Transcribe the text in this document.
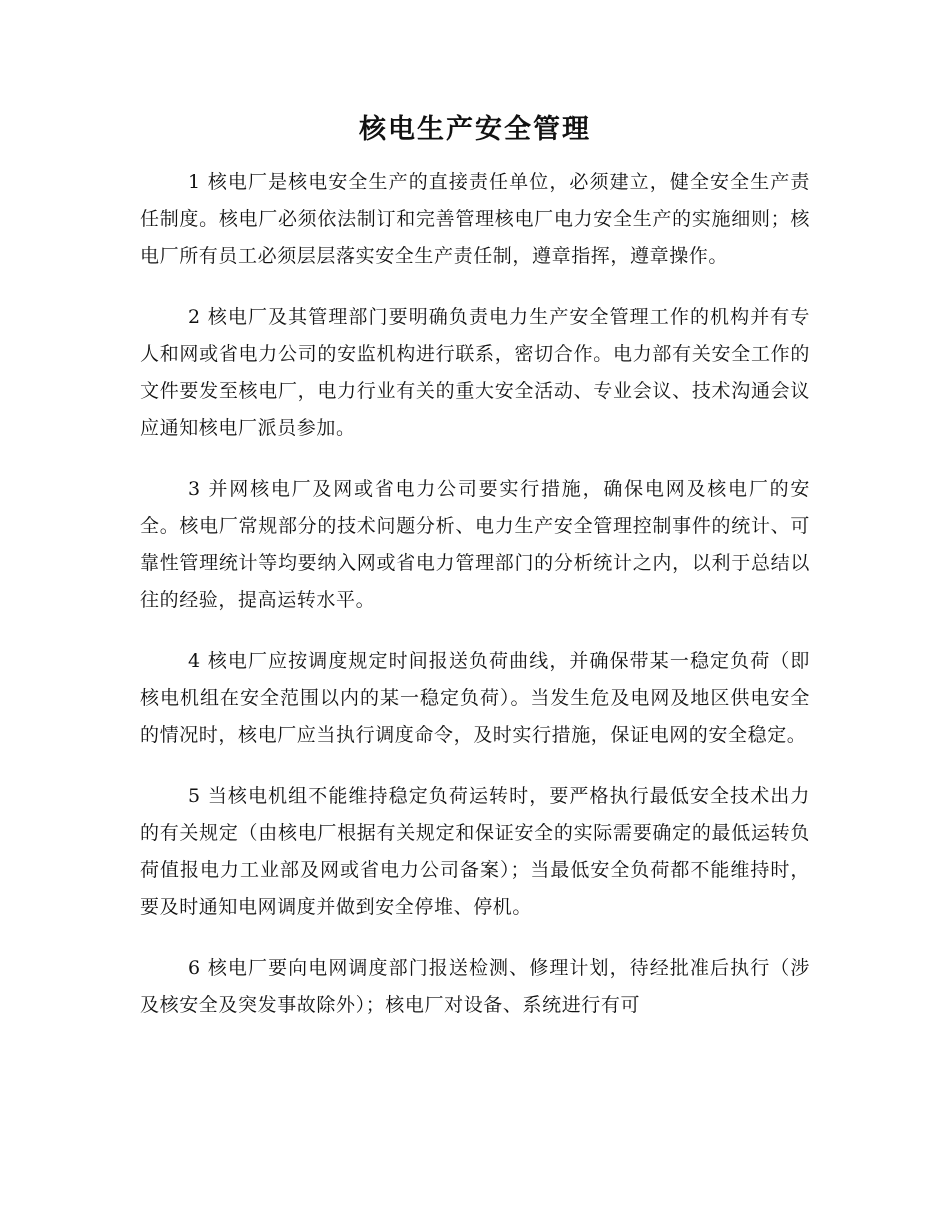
核电生产安全管理

1 核电厂是核电安全生产的直接责任单位，必须建立，健全安全生产责任制度。核电厂必须依法制订和完善管理核电厂电力安全生产的实施细则；核电厂所有员工必须层层落实安全生产责任制，遵章指挥，遵章操作。

2 核电厂及其管理部门要明确负责电力生产安全管理工作的机构并有专人和网或省电力公司的安监机构进行联系，密切合作。电力部有关安全工作的文件要发至核电厂，电力行业有关的重大安全活动、专业会议、技术沟通会议应通知核电厂派员参加。

3 并网核电厂及网或省电力公司要实行措施，确保电网及核电厂的安全。核电厂常规部分的技术问题分析、电力生产安全管理控制事件的统计、可靠性管理统计等均要纳入网或省电力管理部门的分析统计之内，以利于总结以往的经验，提高运转水平。

4 核电厂应按调度规定时间报送负荷曲线，并确保带某一稳定负荷（即核电机组在安全范围以内的某一稳定负荷）。当发生危及电网及地区供电安全的情况时，核电厂应当执行调度命令，及时实行措施，保证电网的安全稳定。

5 当核电机组不能维持稳定负荷运转时，要严格执行最低安全技术出力的有关规定（由核电厂根据有关规定和保证安全的实际需要确定的最低运转负荷值报电力工业部及网或省电力公司备案）；当最低安全负荷都不能维持时，要及时通知电网调度并做到安全停堆、停机。

6 核电厂要向电网调度部门报送检测、修理计划，待经批准后执行（涉及核安全及突发事故除外）；核电厂对设备、系统进行有可
